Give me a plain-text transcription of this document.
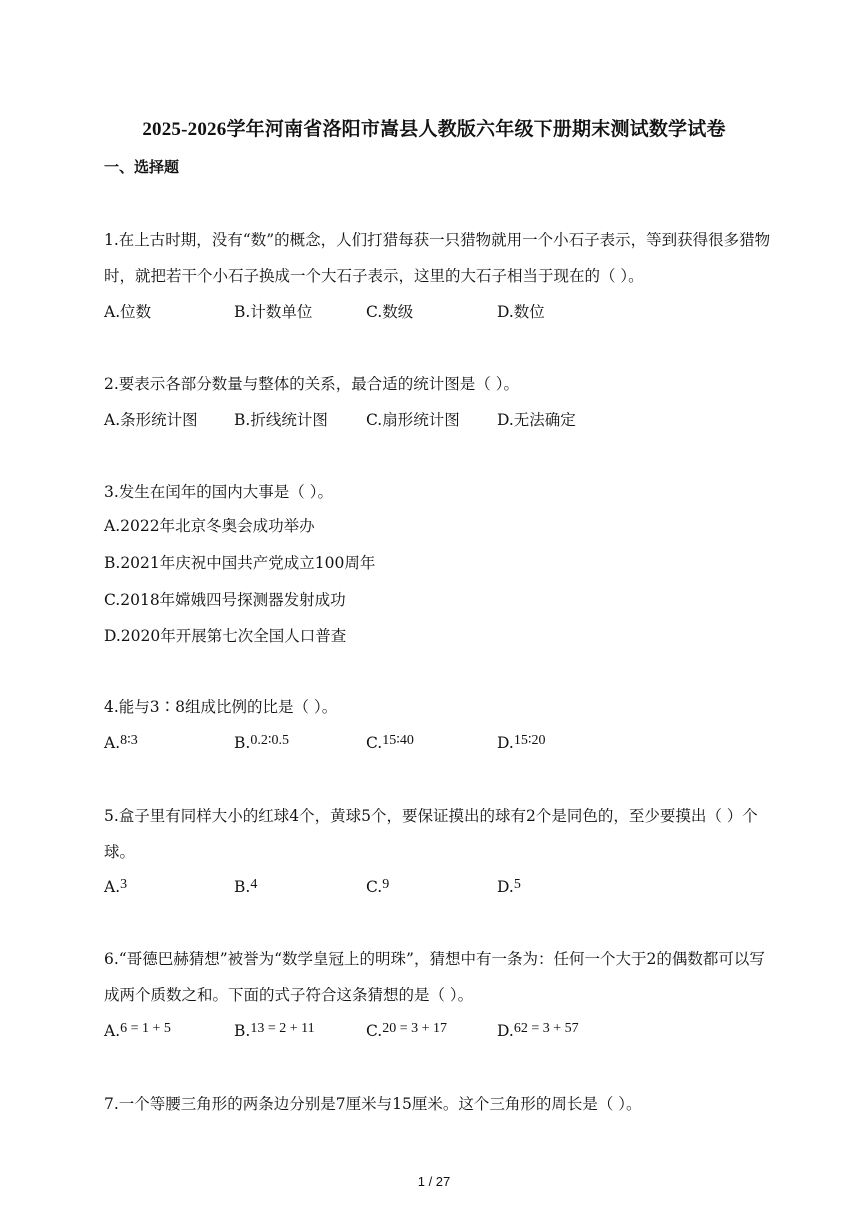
2025-2026学年河南省洛阳市嵩县人教版六年级下册期末测试数学试卷
一、选择题
1.在上古时期，没有“数”的概念，人们打猎每获一只猎物就用一个小石子表示，等到获得很多猎物时，就把若干个小石子换成一个大石子表示，这里的大石子相当于现在的（ ）。
A.位数	B.计数单位	C.数级	D.数位
2.要表示各部分数量与整体的关系，最合适的统计图是（ ）。
A.条形统计图 B.折线统计图 C.扇形统计图 D.无法确定
3.发生在闰年的国内大事是（ ）。
A.2022年北京冬奥会成功举办
B.2021年庆祝中国共产党成立100周年
C.2018年嫦娥四号探测器发射成功
D.2020年开展第七次全国人口普查
4.能与3∶8组成比例的比是（ ）。
A.8∶3	B.0.2∶0.5	C.15∶40	D.15∶20
5.盒子里有同样大小的红球4个，黄球5个，要保证摸出的球有2个是同色的，至少要摸出（ ）个球。
A.3	B.4	C.9	D.5
6.“哥德巴赫猜想”被誉为“数学皇冠上的明珠”，猜想中有一条为：任何一个大于2的偶数都可以写成两个质数之和。下面的式子符合这条猜想的是（ ）。
A.6 = 1 + 5	B.13 = 2 + 11	C.20 = 3 + 17	D.62 = 3 + 57
7.一个等腰三角形的两条边分别是7厘米与15厘米。这个三角形的周长是（ ）。
1 / 27
